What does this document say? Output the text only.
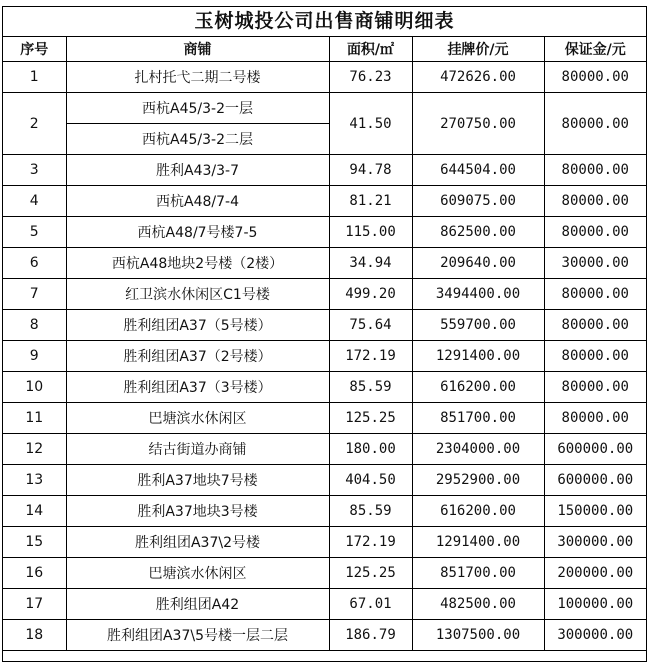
玉树城投公司出售商铺明细表
序号	商铺	面积/㎡	挂牌价/元	保证金/元
1	扎村托弋二期二号楼	76.23	472626.00	80000.00
2	西杭A45/3-2一层	41.50	270750.00	80000.00
	西杭A45/3-2二层			
3	胜利A43/3-7	94.78	644504.00	80000.00
4	西杭A48/7-4	81.21	609075.00	80000.00
5	西杭A48/7号楼7-5	115.00	862500.00	80000.00
6	西杭A48地块2号楼（2楼）	34.94	209640.00	30000.00
7	红卫滨水休闲区C1号楼	499.20	3494400.00	80000.00
8	胜利组团A37（5号楼）	75.64	559700.00	80000.00
9	胜利组团A37（2号楼）	172.19	1291400.00	80000.00
10	胜利组团A37（3号楼）	85.59	616200.00	80000.00
11	巴塘滨水休闲区	125.25	851700.00	80000.00
12	结古街道办商铺	180.00	2304000.00	600000.00
13	胜利A37地块7号楼	404.50	2952900.00	600000.00
14	胜利A37地块3号楼	85.59	616200.00	150000.00
15	胜利组团A37\2号楼	172.19	1291400.00	300000.00
16	巴塘滨水休闲区	125.25	851700.00	200000.00
17	胜利组团A42	67.01	482500.00	100000.00
18	胜利组团A37\5号楼一层二层	186.79	1307500.00	300000.00
